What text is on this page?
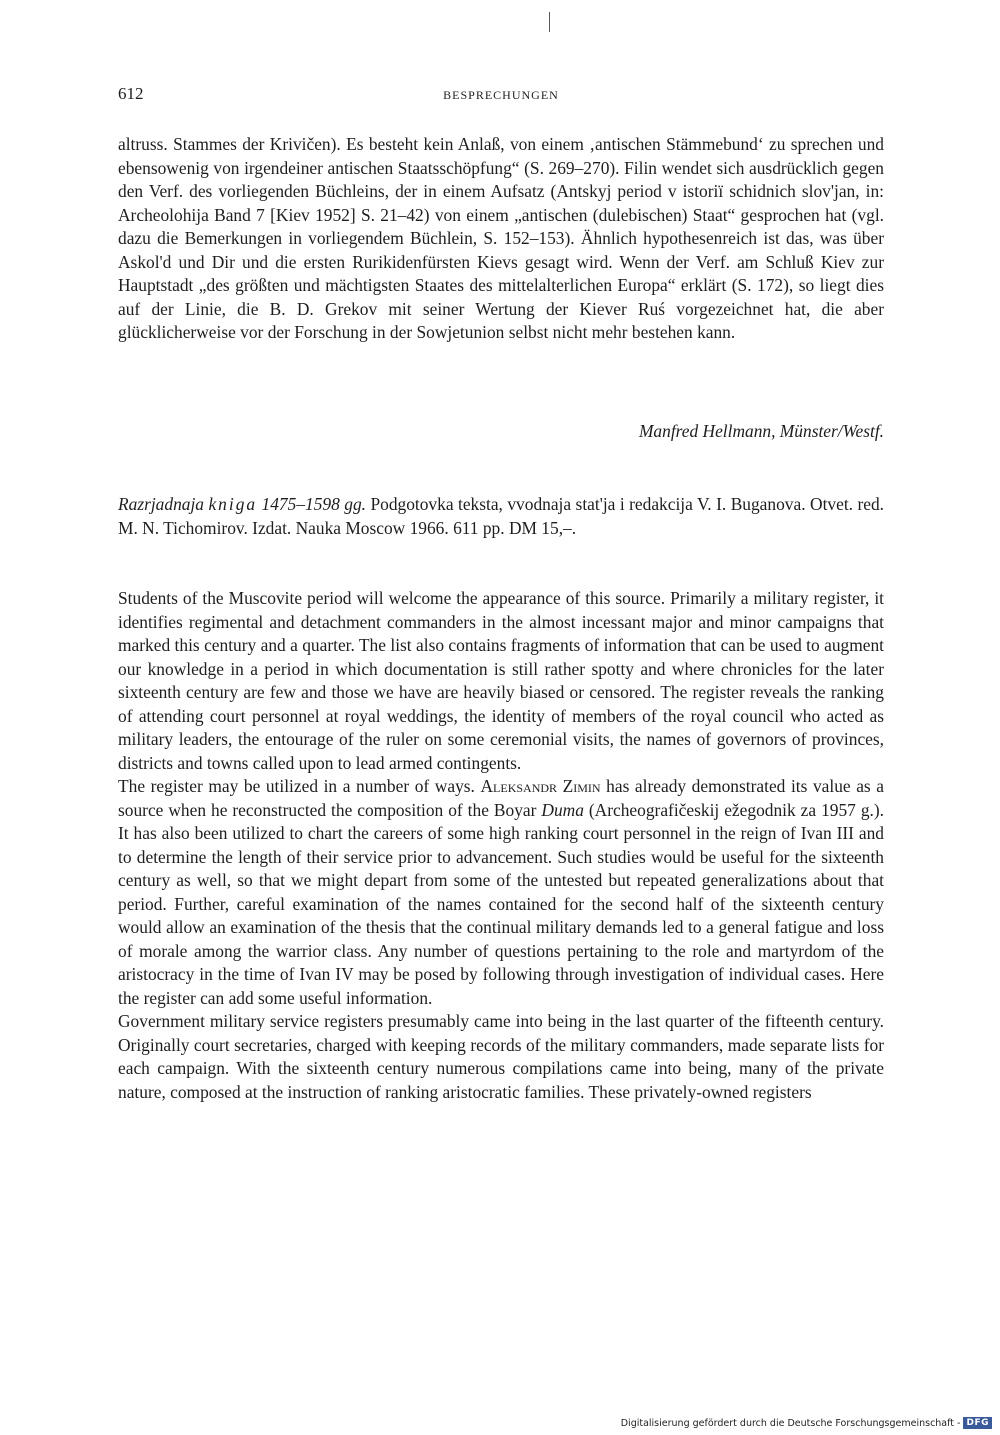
612	BESPRECHUNGEN

altruss. Stammes der Krivičen). Es besteht kein Anlaß, von einem ‚antischen Stämmebund‘ zu sprechen und ebensowenig von irgendeiner antischen Staatsschöpfung“ (S. 269–270). Filin wendet sich ausdrücklich gegen den Verf. des vorliegenden Büchleins, der in einem Aufsatz (Antskyj period v istoriï schidnich slov'jan, in: Archeolohija Band 7 [Kiev 1952] S. 21–42) von einem „antischen (dulebischen) Staat“ gesprochen hat (vgl. dazu die Bemerkungen in vorliegendem Büchlein, S. 152–153). Ähnlich hypothesenreich ist das, was über Askol'd und Dir und die ersten Rurikidenfürsten Kievs gesagt wird. Wenn der Verf. am Schluß Kiev zur Hauptstadt „des größten und mächtigsten Staates des mittelalterlichen Europa“ erklärt (S. 172), so liegt dies auf der Linie, die B. D. Grekov mit seiner Wertung der Kiever Ruś vorgezeichnet hat, die aber glücklicherweise vor der Forschung in der Sowjetunion selbst nicht mehr bestehen kann.

Manfred Hellmann, Münster/Westf.

Razrjadnaja kniga 1475–1598 gg. Podgotovka teksta, vvodnaja stat'ja i redakcija V. I. Buganova. Otvet. red. M. N. Tichomirov. Izdat. Nauka Moscow 1966. 611 pp. DM 15,–.

Students of the Muscovite period will welcome the appearance of this source. Primarily a military register, it identifies regimental and detachment commanders in the almost incessant major and minor campaigns that marked this century and a quarter. The list also contains fragments of information that can be used to augment our knowledge in a period in which documentation is still rather spotty and where chronicles for the later sixteenth century are few and those we have are heavily biased or censored. The register reveals the ranking of attending court personnel at royal weddings, the identity of members of the royal council who acted as military leaders, the entourage of the ruler on some ceremonial visits, the names of governors of provinces, districts and towns called upon to lead armed contingents.

The register may be utilized in a number of ways. Aleksandr Zimin has already demonstrated its value as a source when he reconstructed the composition of the Boyar Duma (Archeografičeskij ežegodnik za 1957 g.). It has also been utilized to chart the careers of some high ranking court personnel in the reign of Ivan III and to determine the length of their service prior to advancement. Such studies would be useful for the sixteenth century as well, so that we might depart from some of the untested but repeated generalizations about that period. Further, careful examination of the names contained for the second half of the sixteenth century would allow an examination of the thesis that the continual military demands led to a general fatigue and loss of morale among the warrior class. Any number of questions pertaining to the role and martyrdom of the aristocracy in the time of Ivan IV may be posed by following through investigation of individual cases. Here the register can add some useful information.

Government military service registers presumably came into being in the last quarter of the fifteenth century. Originally court secretaries, charged with keeping records of the military commanders, made separate lists for each campaign. With the sixteenth century numerous compilations came into being, many of the private nature, composed at the instruction of ranking aristocratic families. These privately-owned registers

Digitalisierung gefördert durch die Deutsche Forschungsgemeinschaft - DFG
